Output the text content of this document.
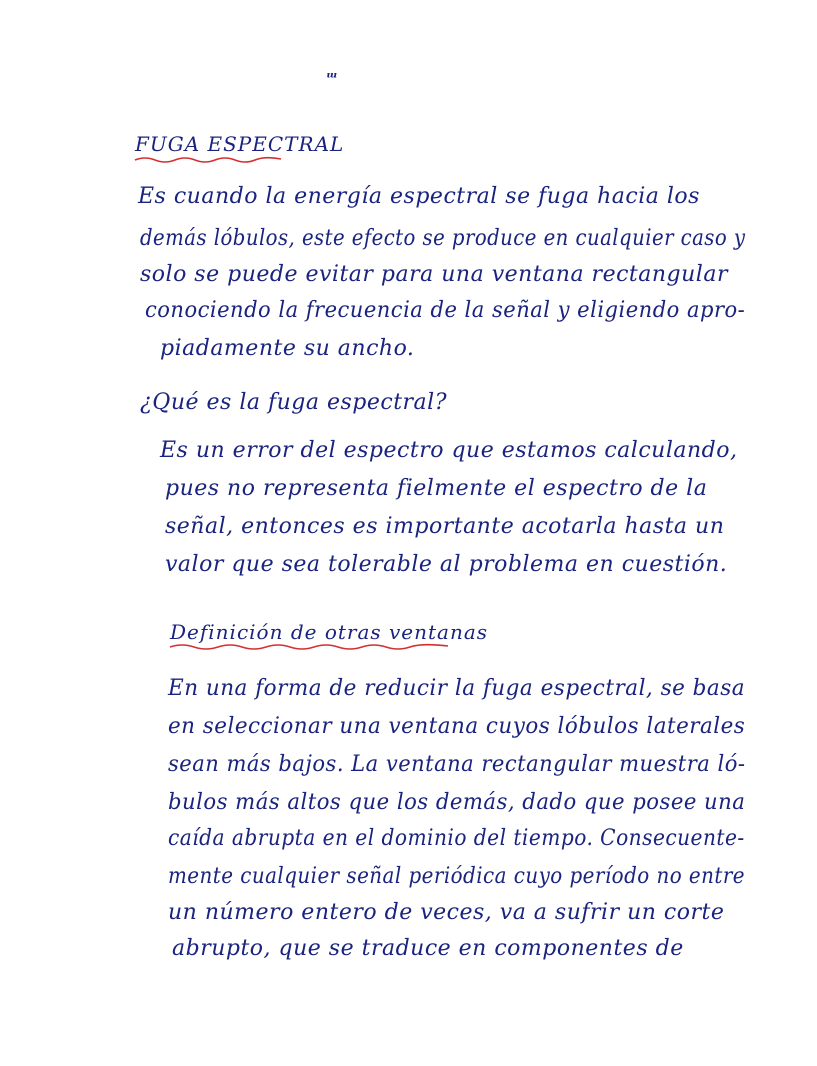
ᵚ
FUGA ESPECTRAL
Es cuando la energía espectral se fuga hacia los
demás lóbulos, este efecto se produce en cualquier caso y
solo se puede evitar para una ventana rectangular
conociendo la frecuencia de la señal y eligiendo apro-
piadamente su ancho.
¿Qué es la fuga espectral?
Es un error del espectro que estamos calculando,
pues no representa fielmente el espectro de la
señal, entonces es importante acotarla hasta un
valor que sea tolerable al problema en cuestión.
Definición de otras ventanas
En una forma de reducir la fuga espectral, se basa
en seleccionar una ventana cuyos lóbulos laterales
sean más bajos. La ventana rectangular muestra ló-
bulos más altos que los demás, dado que posee una
caída abrupta en el dominio del tiempo. Consecuente-
mente cualquier señal periódica cuyo período no entre
un número entero de veces, va a sufrir un corte
abrupto, que se traduce en componentes de
